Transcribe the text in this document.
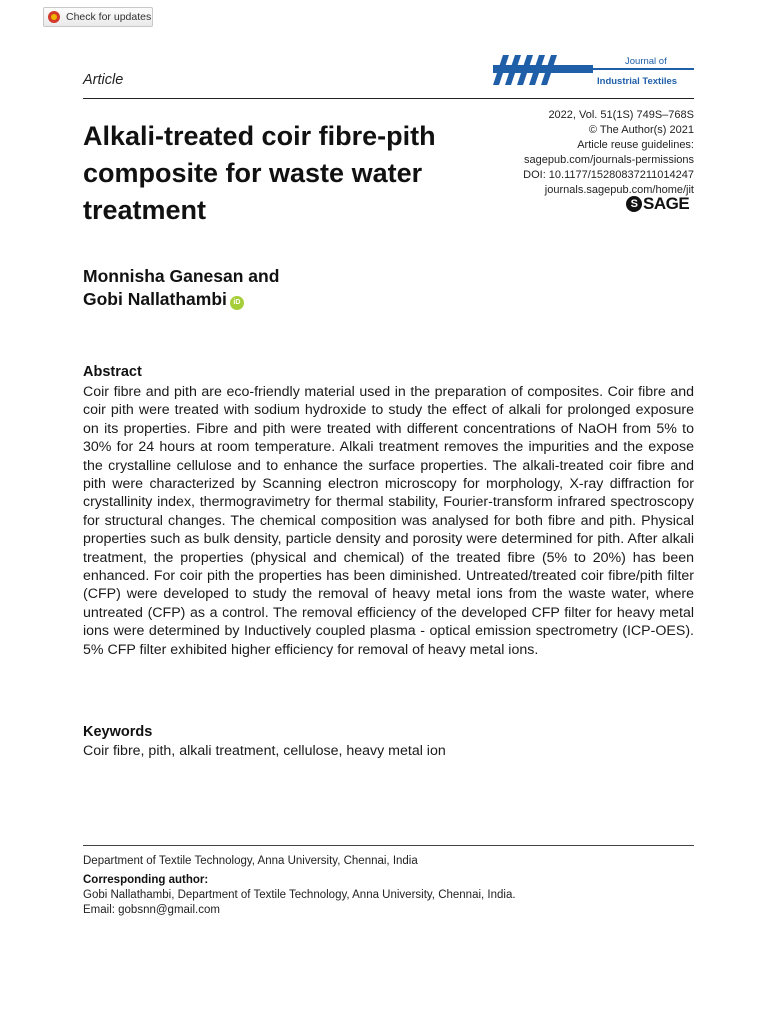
Check for updates
Journal of
Industrial Textiles
Article
Alkali-treated coir fibre-pith composite for waste water treatment
2022, Vol. 51(1S) 749S–768S
© The Author(s) 2021
Article reuse guidelines:
sagepub.com/journals-permissions
DOI: 10.1177/15280837211014247
journals.sagepub.com/home/jit
S SAGE
Monnisha Ganesan and
Gobi Nallathambi iD
Abstract

Coir fibre and pith are eco-friendly material used in the preparation of composites. Coir fibre and coir pith were treated with sodium hydroxide to study the effect of alkali for prolonged exposure on its properties. Fibre and pith were treated with different concentrations of NaOH from 5% to 30% for 24 hours at room temperature. Alkali treatment removes the impurities and the expose the crystalline cellulose and to enhance the surface properties. The alkali-treated coir fibre and pith were characterized by Scanning electron microscopy for morphology, X-ray diffraction for crystallinity index, thermogravimetry for thermal stability, Fourier-transform infrared spectroscopy for structural changes. The chemical composition was analysed for both fibre and pith. Physical properties such as bulk density, particle density and porosity were determined for pith. After alkali treatment, the properties (physical and chemical) of the treated fibre (5% to 20%) has been enhanced. For coir pith the properties has been diminished. Untreated/treated coir fibre/pith filter (CFP) were developed to study the removal of heavy metal ions from the waste water, where untreated (CFP) as a control. The removal efficiency of the developed CFP filter for heavy metal ions were determined by Inductively coupled plasma - optical emission spectrometry (ICP-OES). 5% CFP filter exhibited higher efficiency for removal of heavy metal ions.

Keywords
Coir fibre, pith, alkali treatment, cellulose, heavy metal ion
Department of Textile Technology, Anna University, Chennai, India
Corresponding author:
Gobi Nallathambi, Department of Textile Technology, Anna University, Chennai, India.
Email: gobsnn@gmail.com
